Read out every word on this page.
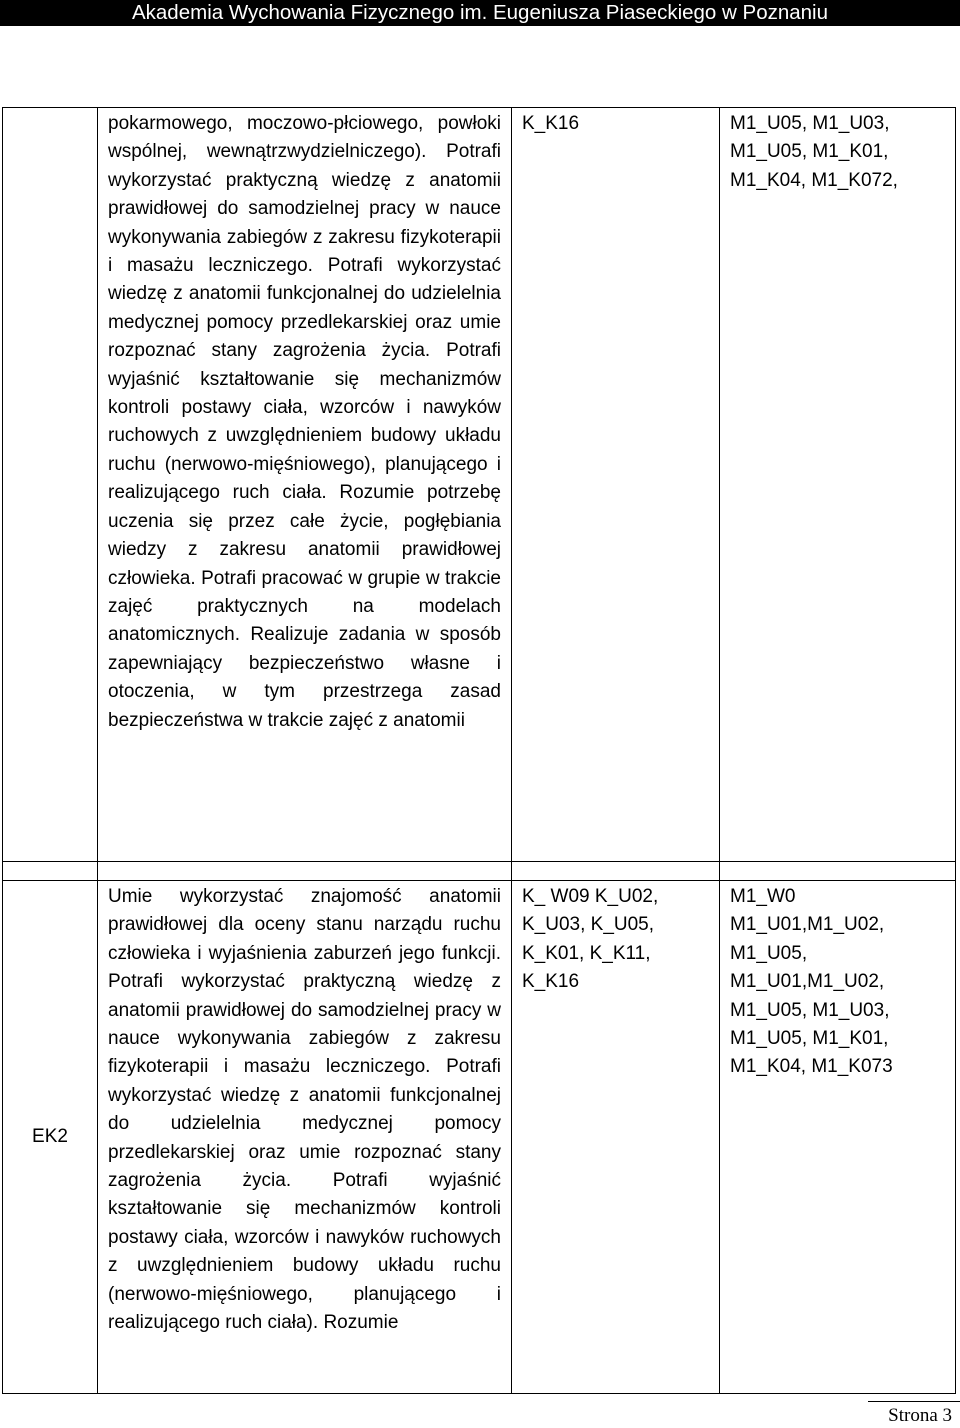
Akademia Wychowania Fizycznego im. Eugeniusza Piaseckiego w Poznaniu

	pokarmowego, moczowo-płciowego, powłoki wspólnej, wewnątrzwydzielniczego). Potrafi wykorzystać praktyczną wiedzę z anatomii prawidłowej do samodzielnej pracy w nauce wykonywania zabiegów z zakresu fizykoterapii i masażu leczniczego. Potrafi wykorzystać wiedzę z anatomii funkcjonalnej do udzielelnia medycznej pomocy przedlekarskiej oraz umie rozpoznać stany zagrożenia życia. Potrafi wyjaśnić kształtowanie się mechanizmów kontroli postawy ciała, wzorców i nawyków ruchowych z uwzględnieniem budowy układu ruchu (nerwowo-mięśniowego), planującego i realizującego ruch ciała. Rozumie potrzebę uczenia się przez całe życie, pogłębiania wiedzy z zakresu anatomii prawidłowej człowieka. Potrafi pracować w grupie w trakcie zajęć praktycznych na modelach anatomicznych. Realizuje zadania w sposób zapewniający bezpieczeństwo własne i otoczenia, w tym przestrzega zasad bezpieczeństwa w trakcie zajęć z anatomii	K_K16	M1_U05, M1_U03, M1_U05, M1_K01, M1_K04, M1_K072,

EK2	Umie wykorzystać znajomość anatomii prawidłowej dla oceny stanu narządu ruchu człowieka i wyjaśnienia zaburzeń jego funkcji. Potrafi wykorzystać praktyczną wiedzę z anatomii prawidłowej do samodzielnej pracy w nauce wykonywania zabiegów z zakresu fizykoterapii i masażu leczniczego. Potrafi wykorzystać wiedzę z anatomii funkcjonalnej do udzielelnia medycznej pomocy przedlekarskiej oraz umie rozpoznać stany zagrożenia życia. Potrafi wyjaśnić kształtowanie się mechanizmów kontroli postawy ciała, wzorców i nawyków ruchowych z uwzględnieniem budowy układu ruchu (nerwowo-mięśniowego, planującego i realizującego ruch ciała). Rozumie	K_ W09 K_U02, K_U03, K_U05, K_K01, K_K11, K_K16	M1_W0 M1_U01,M1_U02, M1_U05, M1_U01,M1_U02, M1_U05, M1_U03, M1_U05, M1_K01, M1_K04, M1_K073
Strona 3
